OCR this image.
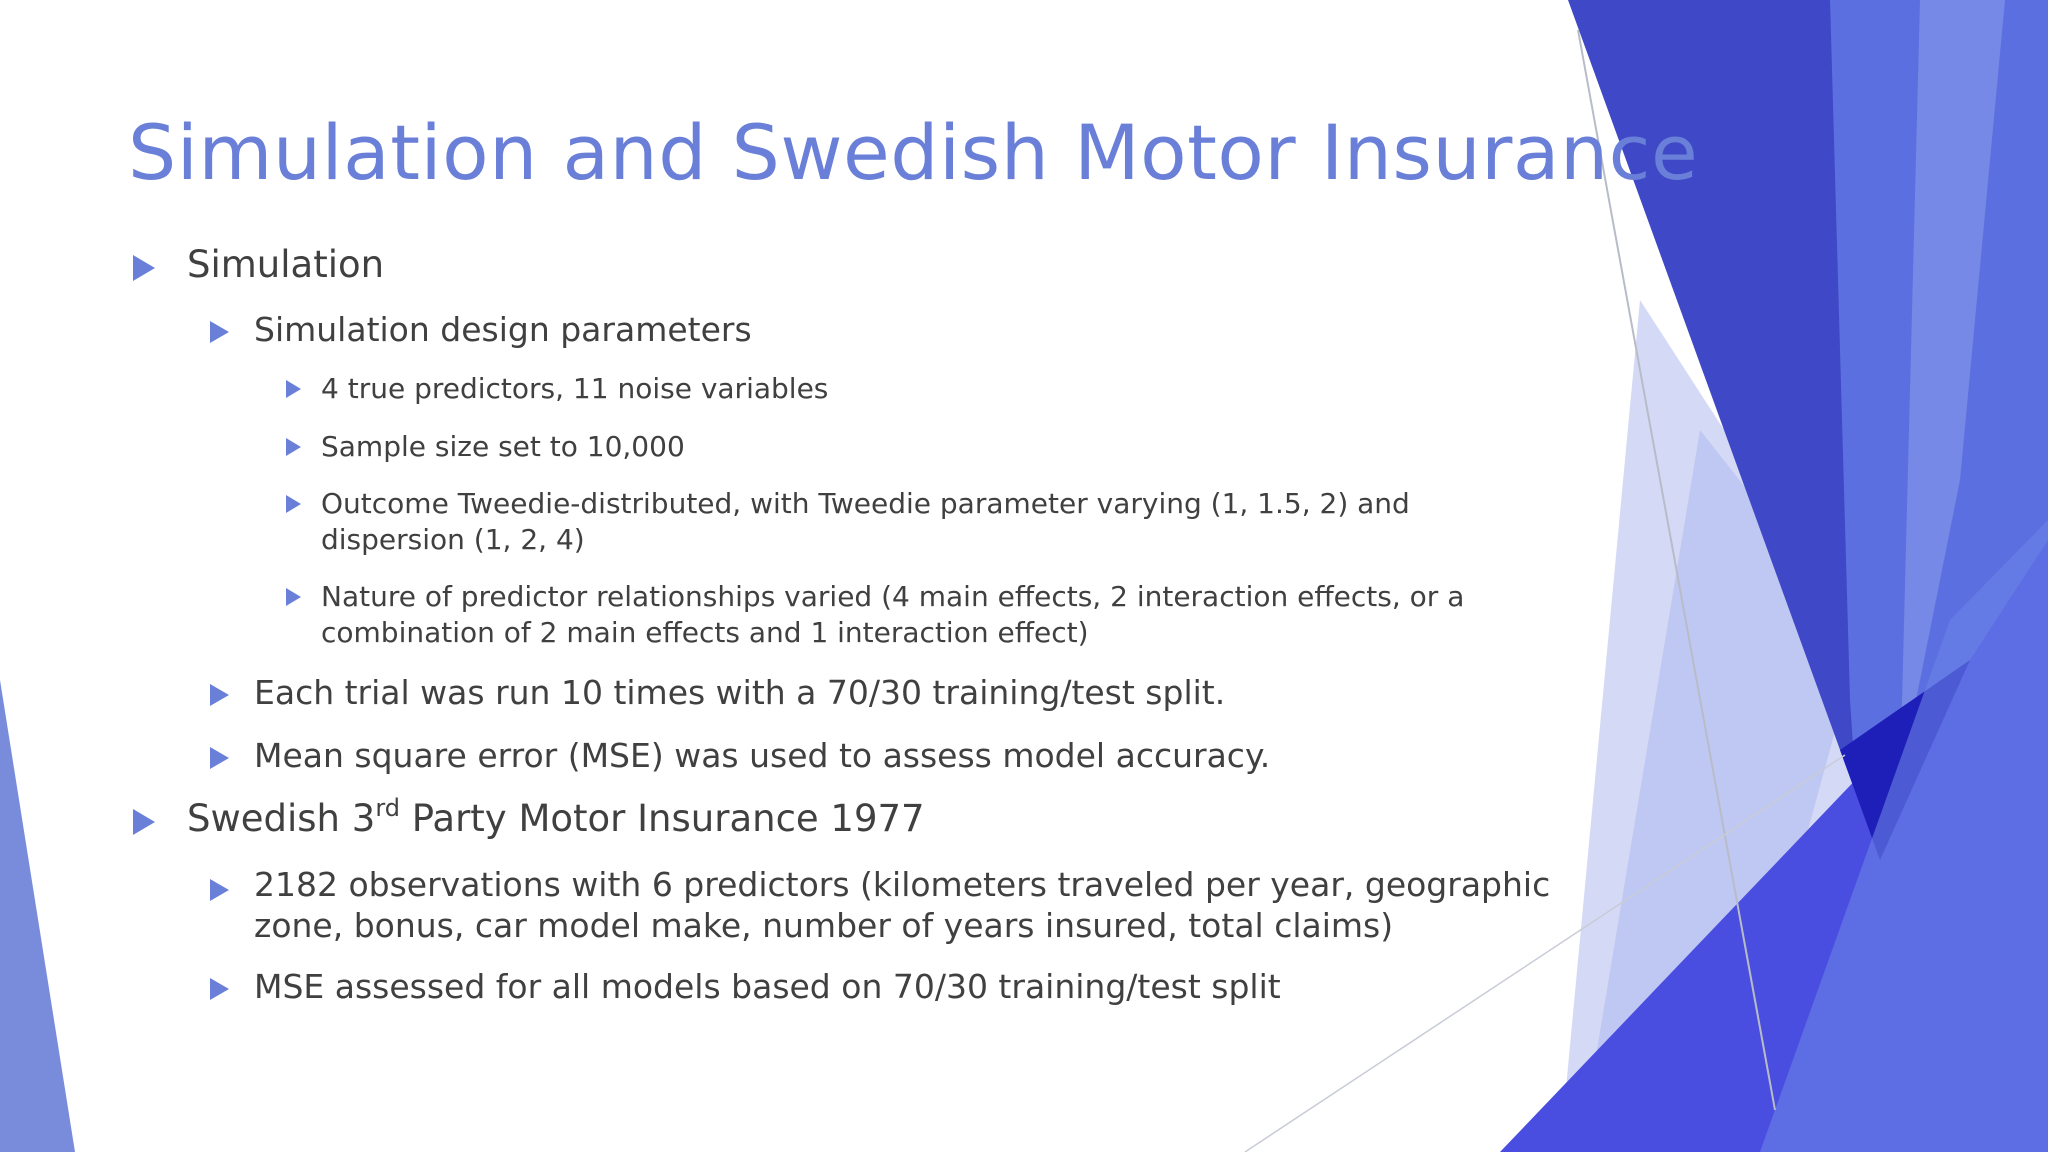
Simulation and Swedish Motor Insurance
Simulation
Simulation design parameters
4 true predictors, 11 noise variables
Sample size set to 10,000
Outcome Tweedie-distributed, with Tweedie parameter varying (1, 1.5, 2) and dispersion (1, 2, 4)
Nature of predictor relationships varied (4 main effects, 2 interaction effects, or a combination of 2 main effects and 1 interaction effect)
Each trial was run 10 times with a 70/30 training/test split.
Mean square error (MSE) was used to assess model accuracy.
Swedish 3rd Party Motor Insurance 1977
2182 observations with 6 predictors (kilometers traveled per year, geographic zone, bonus, car model make, number of years insured, total claims)
MSE assessed for all models based on 70/30 training/test split
